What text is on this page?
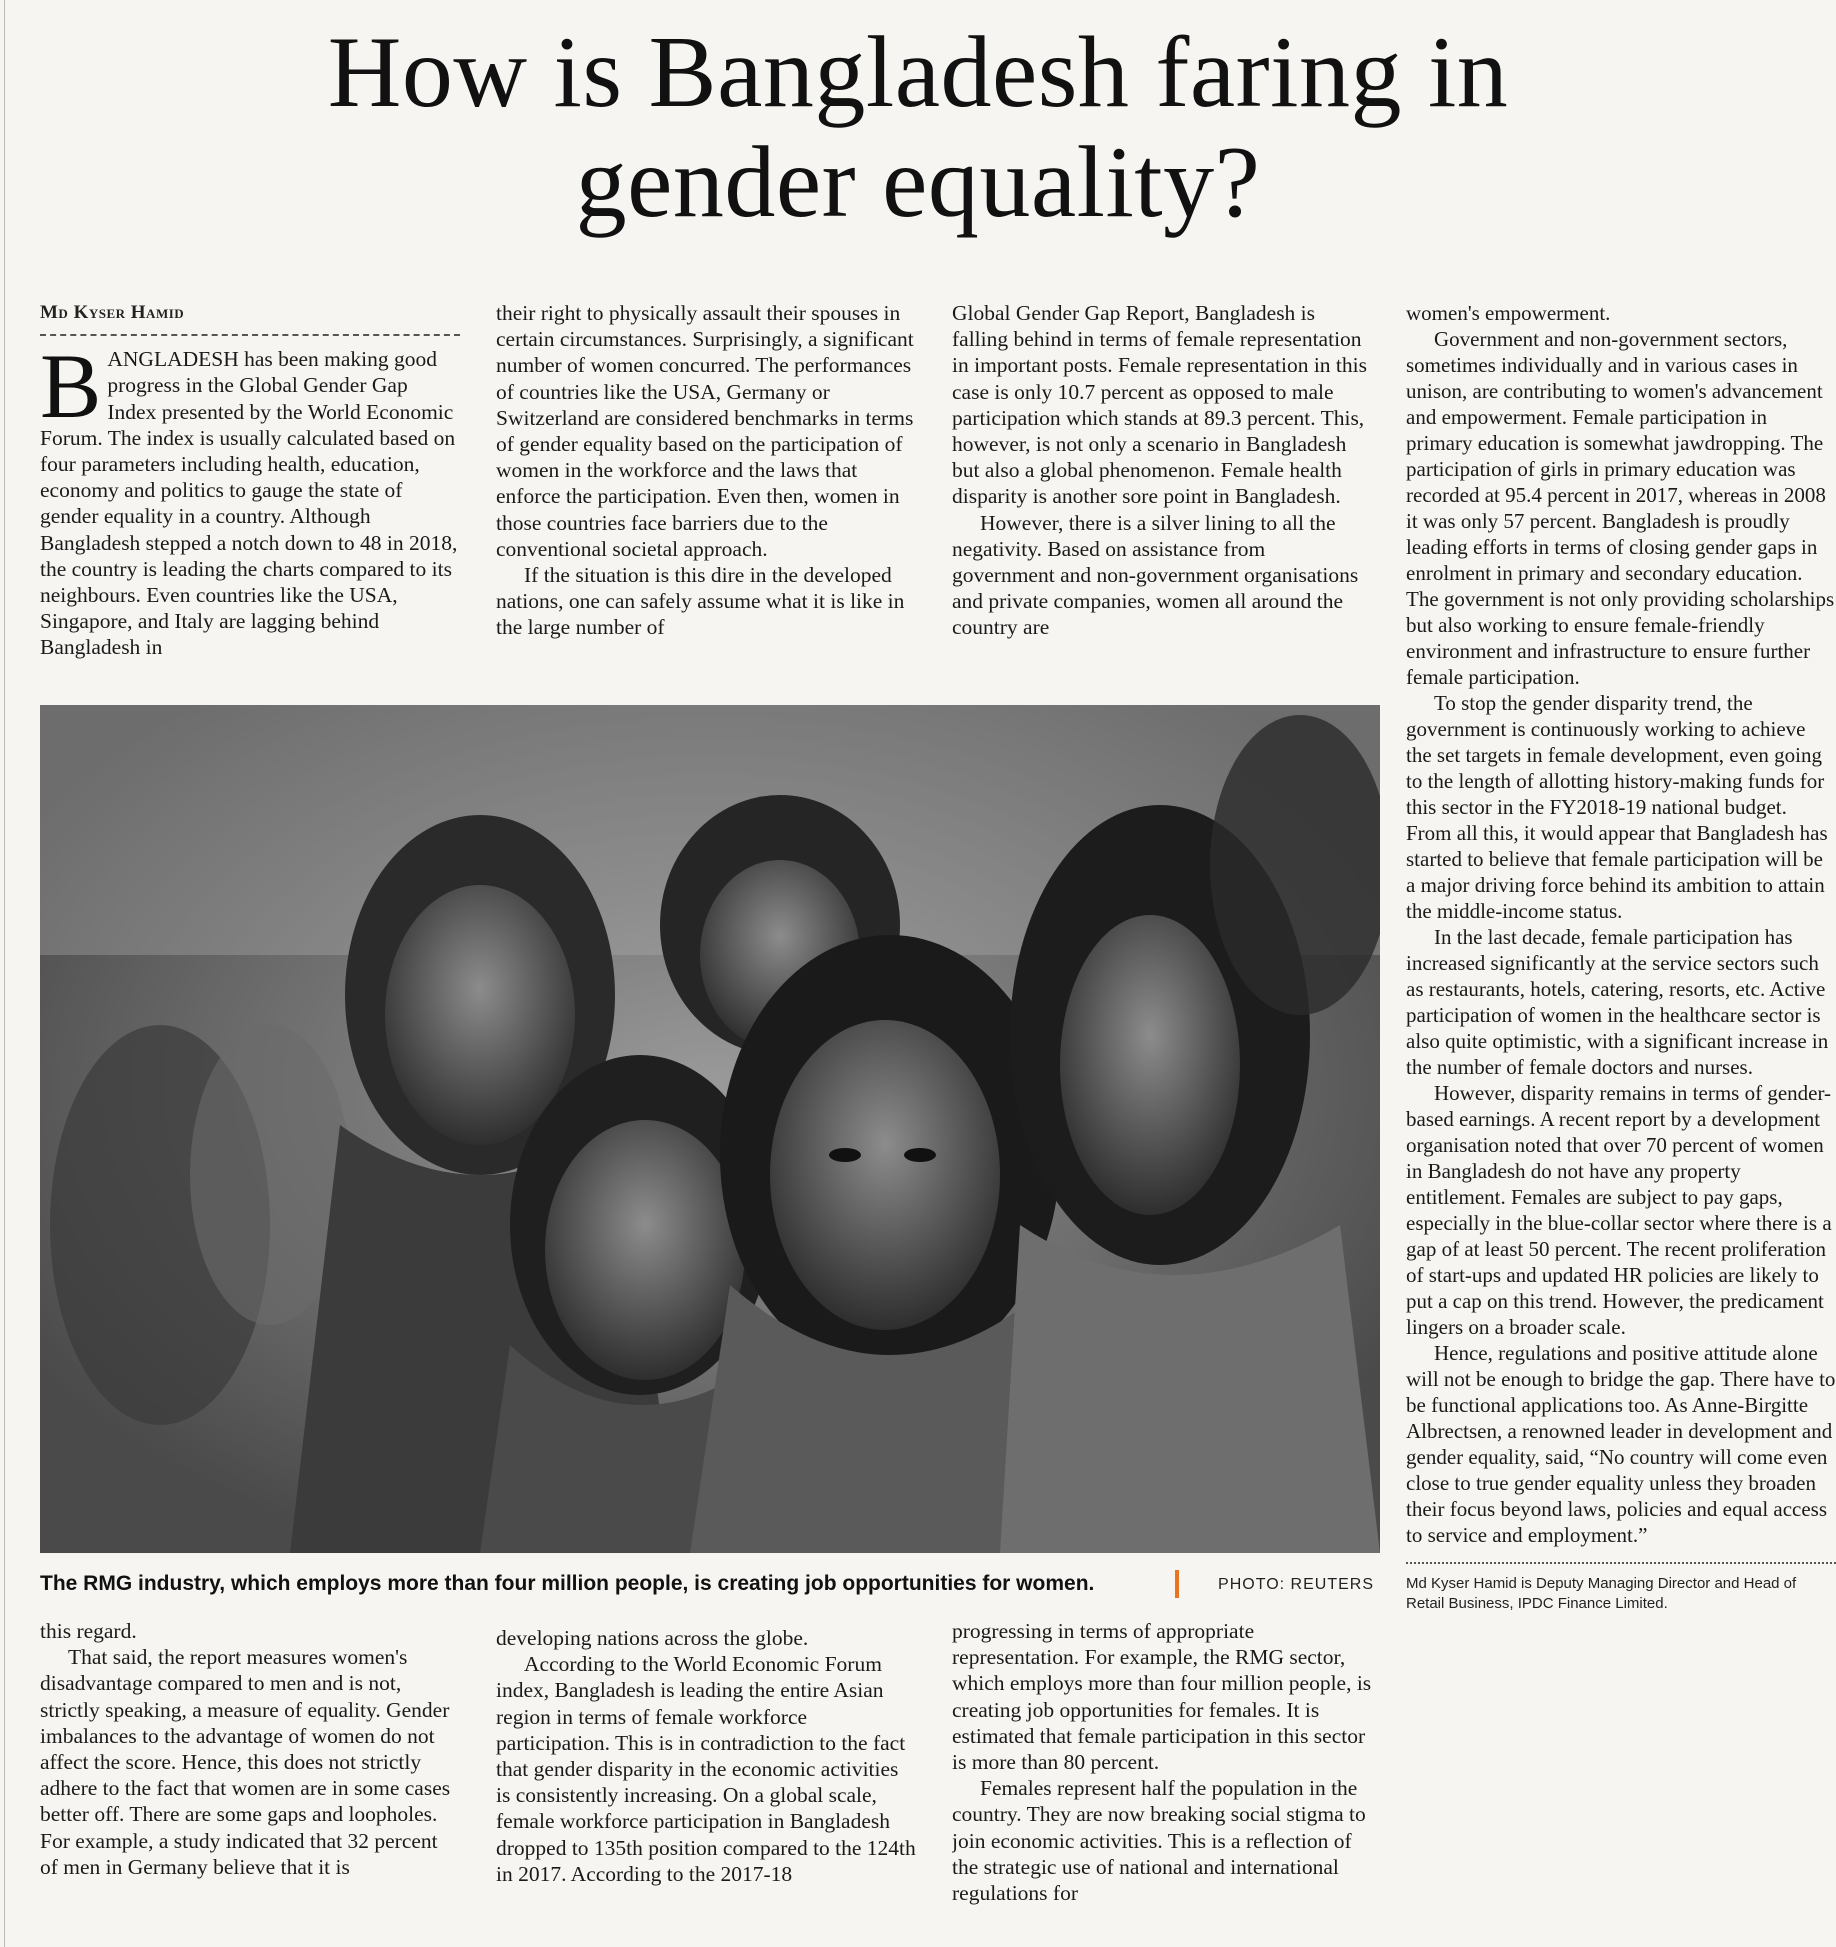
How is Bangladesh faring in
gender equality?
Md Kyser Hamid

BANGLADESH has been making good progress in the Global Gender Gap Index presented by the World Economic Forum. The index is usually calculated based on four parameters including health, education, economy and politics to gauge the state of gender equality in a country. Although Bangladesh stepped a notch down to 48 in 2018, the country is leading the charts compared to its neighbours. Even countries like the USA, Singapore, and Italy are lagging behind Bangladesh in

their right to physically assault their spouses in certain circumstances. Surprisingly, a significant number of women concurred. The performances of countries like the USA, Germany or Switzerland are considered benchmarks in terms of gender equality based on the participation of women in the workforce and the laws that enforce the participation. Even then, women in those countries face barriers due to the conventional societal approach.

If the situation is this dire in the developed nations, one can safely assume what it is like in the large number of

Global Gender Gap Report, Bangladesh is falling behind in terms of female representation in important posts. Female representation in this case is only 10.7 percent as opposed to male participation which stands at 89.3 percent. This, however, is not only a scenario in Bangladesh but also a global phenomenon. Female health disparity is another sore point in Bangladesh.

However, there is a silver lining to all the negativity. Based on assistance from government and non-government organisations and private companies, women all around the country are

women's empowerment.

Government and non-government sectors, sometimes individually and in various cases in unison, are contributing to women's advancement and empowerment. Female participation in primary education is somewhat jawdropping. The participation of girls in primary education was recorded at 95.4 percent in 2017, whereas in 2008 it was only 57 percent. Bangladesh is proudly leading efforts in terms of closing gender gaps in enrolment in primary and secondary education. The government is not only providing scholarships but also working to ensure female-friendly environment and infrastructure to ensure further female participation.

To stop the gender disparity trend, the government is continuously working to achieve the set targets in female development, even going to the length of allotting history-making funds for this sector in the FY2018-19 national budget. From all this, it would appear that Bangladesh has started to believe that female participation will be a major driving force behind its ambition to attain the middle-income status.

In the last decade, female participation has increased significantly at the service sectors such as restaurants, hotels, catering, resorts, etc. Active participation of women in the healthcare sector is also quite optimistic, with a significant increase in the number of female doctors and nurses.

However, disparity remains in terms of gender-based earnings. A recent report by a development organisation noted that over 70 percent of women in Bangladesh do not have any property entitlement. Females are subject to pay gaps, especially in the blue-collar sector where there is a gap of at least 50 percent. The recent proliferation of start-ups and updated HR policies are likely to put a cap on this trend. However, the predicament lingers on a broader scale.

Hence, regulations and positive attitude alone will not be enough to bridge the gap. There have to be functional applications too. As Anne-Birgitte Albrectsen, a renowned leader in development and gender equality, said, “No country will come even close to true gender equality unless they broaden their focus beyond laws, policies and equal access to service and employment.”

Md Kyser Hamid is Deputy Managing Director and Head of Retail Business, IPDC Finance Limited.
The RMG industry, which employs more than four million people, is creating job opportunities for women.	PHOTO: REUTERS

this regard.

That said, the report measures women's disadvantage compared to men and is not, strictly speaking, a measure of equality. Gender imbalances to the advantage of women do not affect the score. Hence, this does not strictly adhere to the fact that women are in some cases better off. There are some gaps and loopholes. For example, a study indicated that 32 percent of men in Germany believe that it is

developing nations across the globe.

According to the World Economic Forum index, Bangladesh is leading the entire Asian region in terms of female workforce participation. This is in contradiction to the fact that gender disparity in the economic activities is consistently increasing. On a global scale, female workforce participation in Bangladesh dropped to 135th position compared to the 124th in 2017. According to the 2017-18

progressing in terms of appropriate representation. For example, the RMG sector, which employs more than four million people, is creating job opportunities for females. It is estimated that female participation in this sector is more than 80 percent.

Females represent half the population in the country. They are now breaking social stigma to join economic activities. This is a reflection of the strategic use of national and international regulations for
